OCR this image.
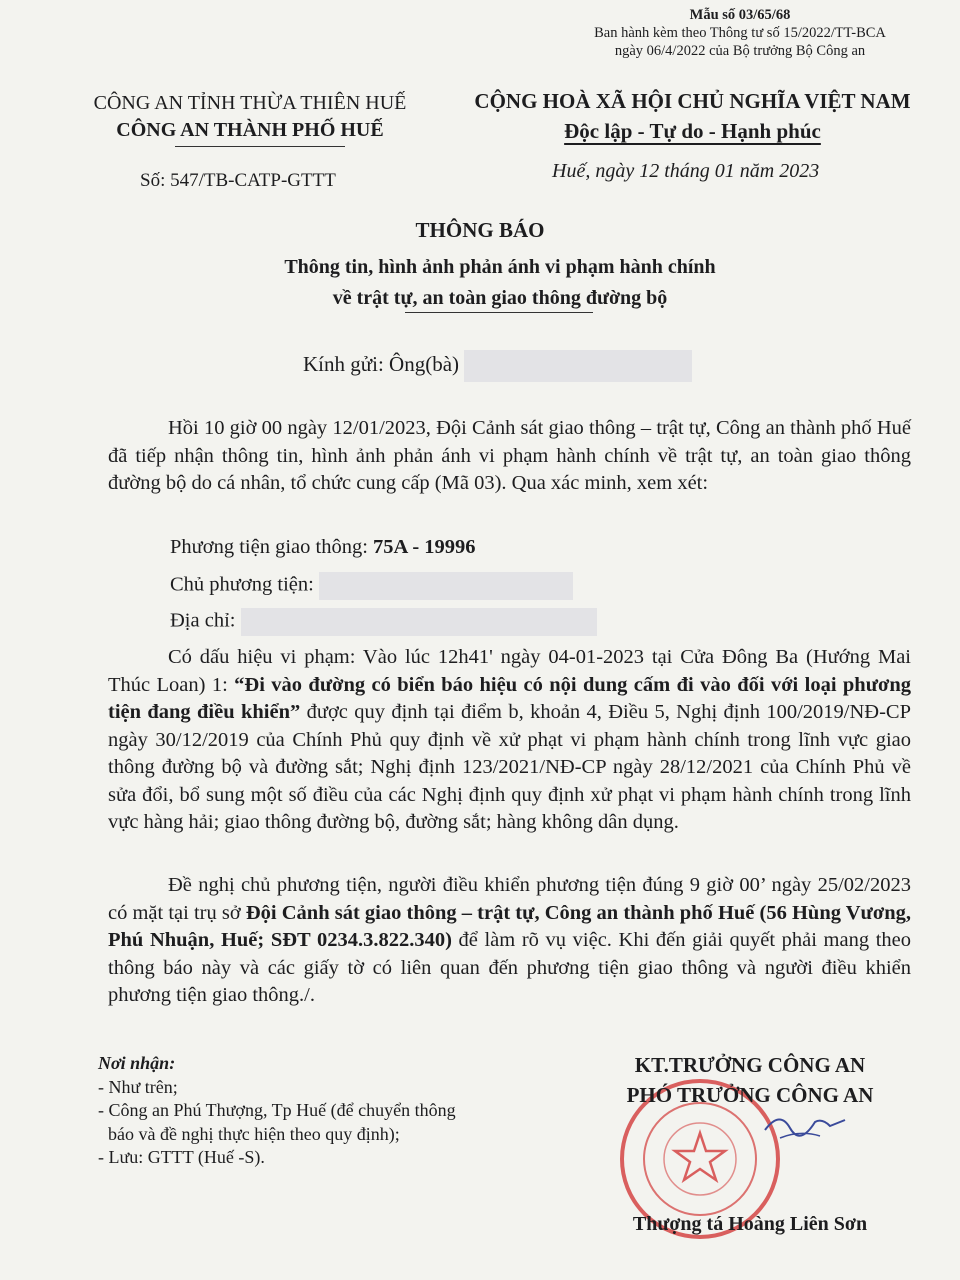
Mẫu số 03/65/68
Ban hành kèm theo Thông tư số 15/2022/TT-BCA
ngày 06/4/2022 của Bộ trưởng Bộ Công an
CÔNG AN TỈNH THỪA THIÊN HUẾ
CÔNG AN THÀNH PHỐ HUẾ
CỘNG HOÀ XÃ HỘI CHỦ NGHĨA VIỆT NAM
Độc lập - Tự do - Hạnh phúc
Số: 547/TB-CATP-GTTT	Huế, ngày 12 tháng 01 năm 2023
THÔNG BÁO
Thông tin, hình ảnh phản ánh vi phạm hành chính
về trật tự, an toàn giao thông đường bộ
Kính gửi: Ông(bà)
Hồi 10 giờ 00 ngày 12/01/2023, Đội Cảnh sát giao thông – trật tự, Công an thành phố Huế đã tiếp nhận thông tin, hình ảnh phản ánh vi phạm hành chính về trật tự, an toàn giao thông đường bộ do cá nhân, tổ chức cung cấp (Mã 03). Qua xác minh, xem xét:
Phương tiện giao thông: 75A - 19996
Chủ phương tiện:
Địa chỉ:
Có dấu hiệu vi phạm: Vào lúc 12h41' ngày 04-01-2023 tại Cửa Đông Ba (Hướng Mai Thúc Loan) 1: “Đi vào đường có biển báo hiệu có nội dung cấm đi vào đối với loại phương tiện đang điều khiển” được quy định tại điểm b, khoản 4, Điều 5, Nghị định 100/2019/NĐ-CP ngày 30/12/2019 của Chính Phủ quy định về xử phạt vi phạm hành chính trong lĩnh vực giao thông đường bộ và đường sắt; Nghị định 123/2021/NĐ-CP ngày 28/12/2021 của Chính Phủ về sửa đổi, bổ sung một số điều của các Nghị định quy định xử phạt vi phạm hành chính trong lĩnh vực hàng hải; giao thông đường bộ, đường sắt; hàng không dân dụng.
Đề nghị chủ phương tiện, người điều khiển phương tiện đúng 9 giờ 00’ ngày 25/02/2023 có mặt tại trụ sở Đội Cảnh sát giao thông – trật tự, Công an thành phố Huế (56 Hùng Vương, Phú Nhuận, Huế; SĐT 0234.3.822.340) để làm rõ vụ việc. Khi đến giải quyết phải mang theo thông báo này và các giấy tờ có liên quan đến phương tiện giao thông và người điều khiển phương tiện giao thông./.
Nơi nhận:
- Như trên;
- Công an Phú Thượng, Tp Huế (để chuyển thông
báo và đề nghị thực hiện theo quy định);
- Lưu: GTTT (Huế -S).
KT.TRƯỞNG CÔNG AN
PHÓ TRƯỞNG CÔNG AN
Thượng tá Hoàng Liên Sơn
